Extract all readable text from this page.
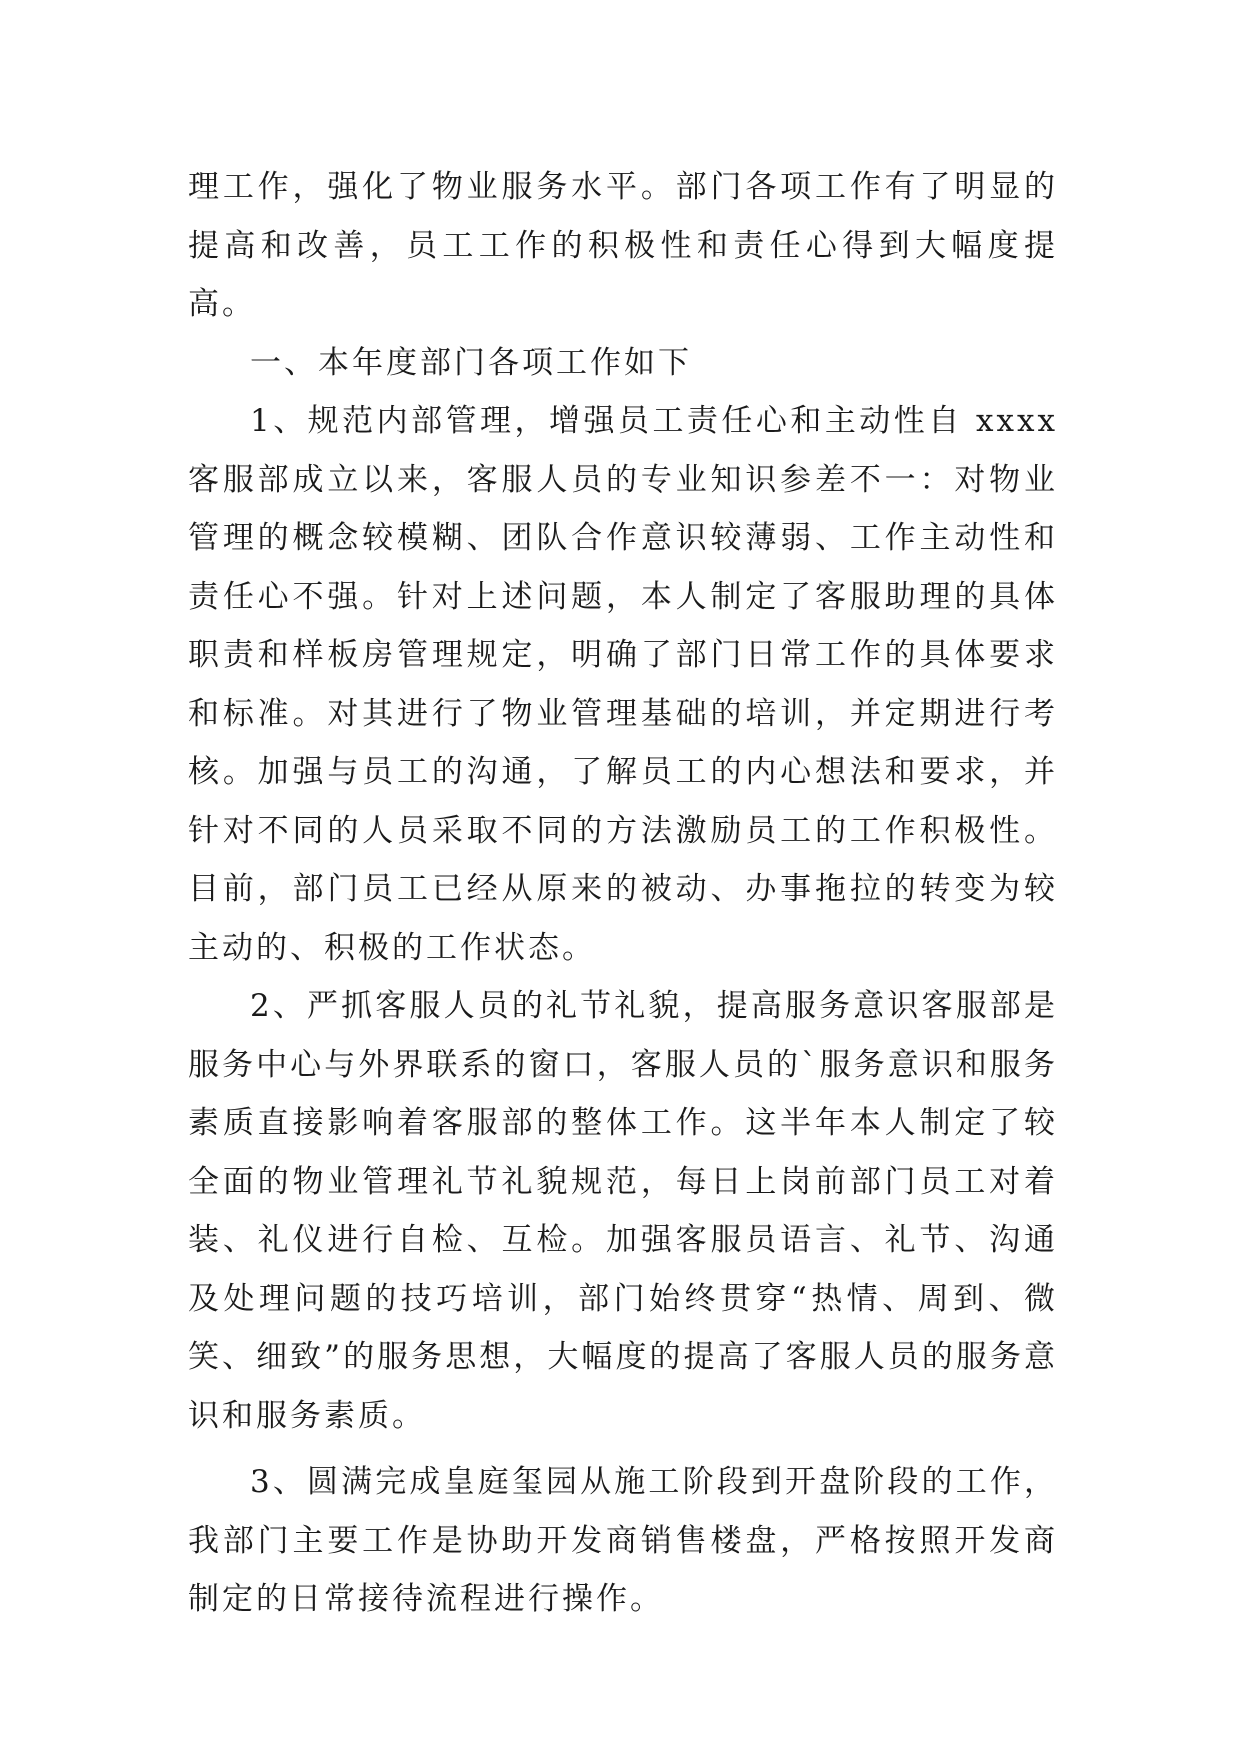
理工作，强化了物业服务水平。部门各项工作有了明显的提高和改善，员工工作的积极性和责任心得到大幅度提高。

一、本年度部门各项工作如下

1、规范内部管理，增强员工责任心和主动性自 xxxx 客服部成立以来，客服人员的专业知识参差不一：对物业管理的概念较模糊、团队合作意识较薄弱、工作主动性和责任心不强。针对上述问题，本人制定了客服助理的具体职责和样板房管理规定，明确了部门日常工作的具体要求和标准。对其进行了物业管理基础的培训，并定期进行考核。加强与员工的沟通，了解员工的内心想法和要求，并针对不同的人员采取不同的方法激励员工的工作积极性。目前，部门员工已经从原来的被动、办事拖拉的转变为较主动的、积极的工作状态。

2、严抓客服人员的礼节礼貌，提高服务意识客服部是服务中心与外界联系的窗口，客服人员的`服务意识和服务素质直接影响着客服部的整体工作。这半年本人制定了较全面的物业管理礼节礼貌规范，每日上岗前部门员工对着装、礼仪进行自检、互检。加强客服员语言、礼节、沟通及处理问题的技巧培训，部门始终贯穿“热情、周到、微笑、细致”的服务思想，大幅度的提高了客服人员的服务意识和服务素质。

3、圆满完成皇庭玺园从施工阶段到开盘阶段的工作，我部门主要工作是协助开发商销售楼盘，严格按照开发商制定的日常接待流程进行操作。
